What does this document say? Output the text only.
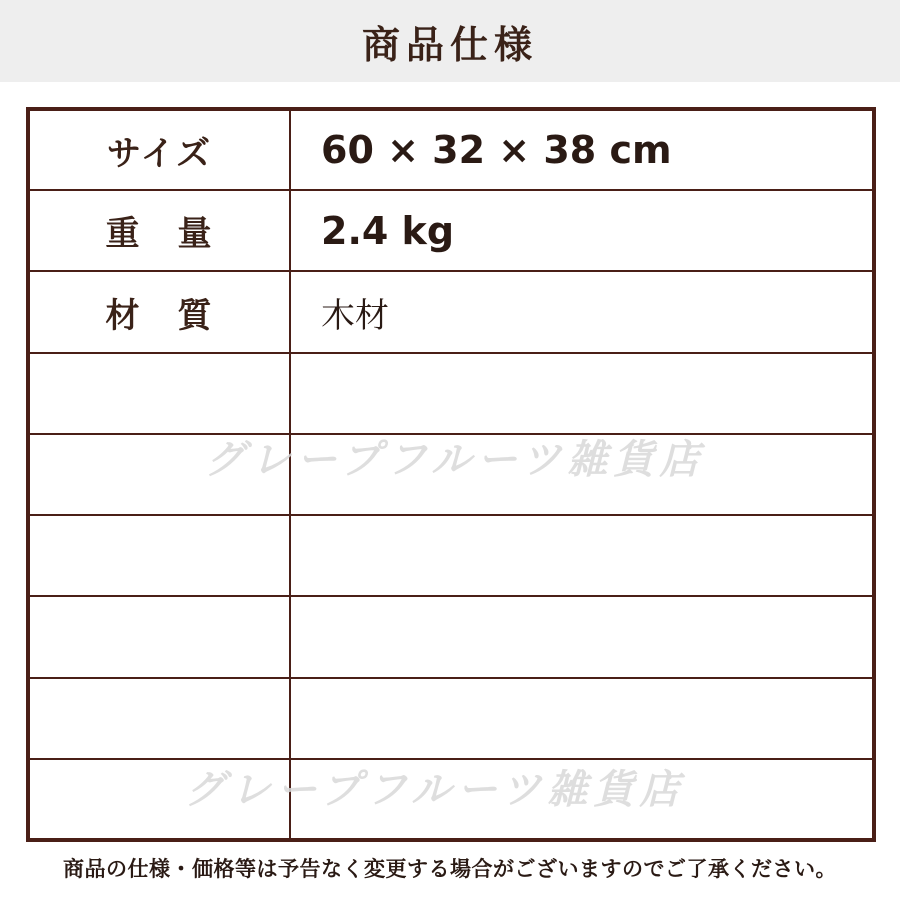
商品仕様
サイズ	60 × 32 × 38 cm
重　量	2.4 kg
材　質	木材

グレープフルーツ雑貨店
グレープフルーツ雑貨店
商品の仕様・価格等は予告なく変更する場合がございますのでご了承ください。
